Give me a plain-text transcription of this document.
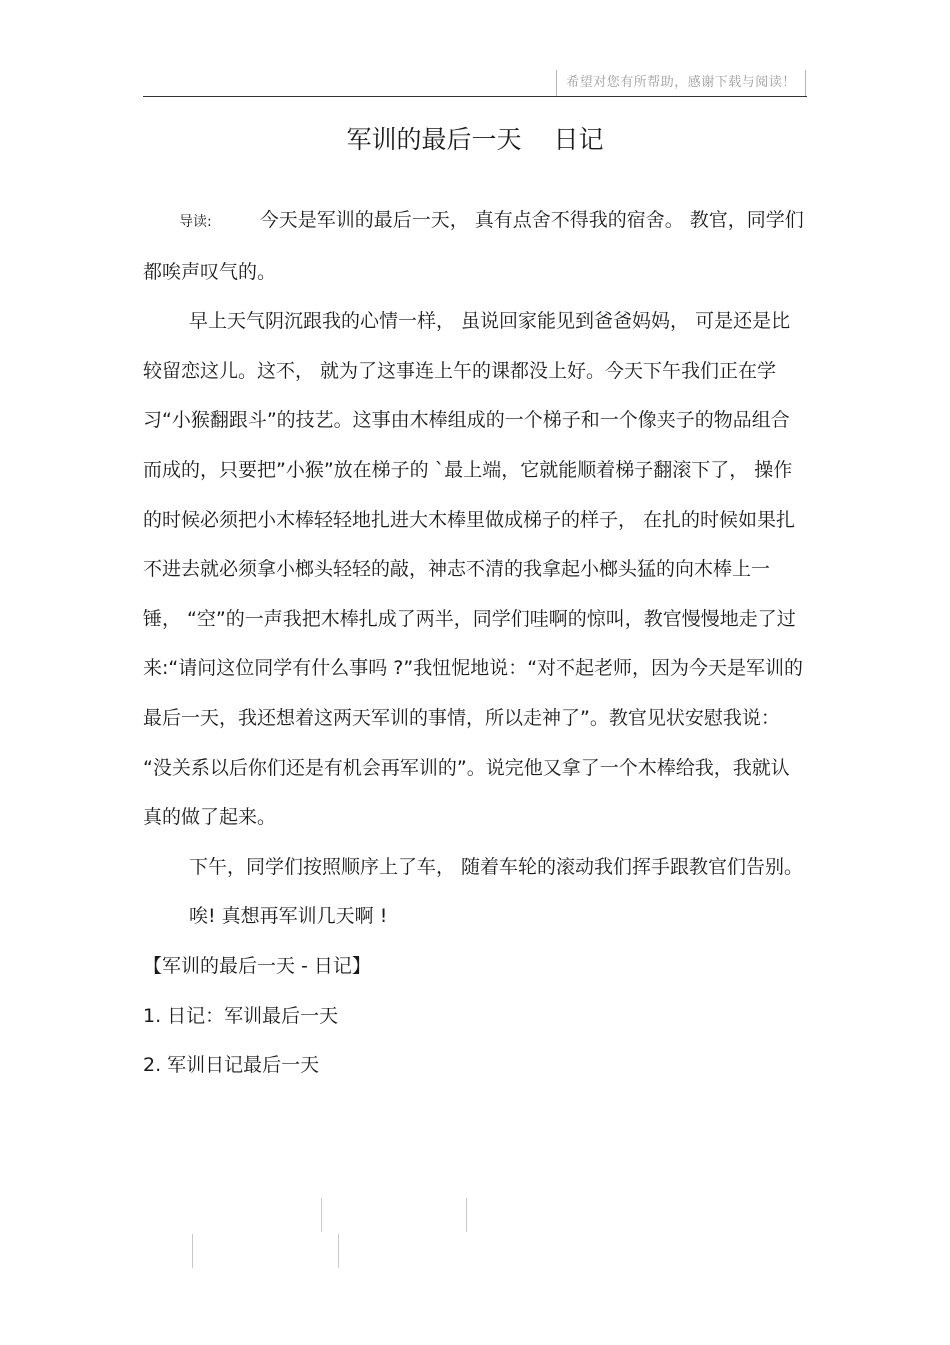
希望对您有所帮助，感谢下载与阅读！
军训的最后一天 日记

导读:	今天是军训的最后一天， 真有点舍不得我的宿舍。 教官，同学们都唉声叹气的。

早上天气阴沉跟我的心情一样， 虽说回家能见到爸爸妈妈， 可是还是比较留恋这儿。这不， 就为了这事连上午的课都没上好。今天下午我们正在学习“小猴翻跟斗”的技艺。这事由木棒组成的一个梯子和一个像夹子的物品组合而成的，只要把”小猴”放在梯子的 `最上端，它就能顺着梯子翻滚下了， 操作的时候必须把小木棒轻轻地扎进大木棒里做成梯子的样子， 在扎的时候如果扎不进去就必须拿小榔头轻轻的敲，神志不清的我拿起小榔头猛的向木棒上一锤， “空”的一声我把木棒扎成了两半，同学们哇啊的惊叫，教官慢慢地走了过来:“请问这位同学有什么事吗 ?”我忸怩地说：“对不起老师，因为今天是军训的最后一天，我还想着这两天军训的事情，所以走神了”。教官见状安慰我说： “没关系以后你们还是有机会再军训的”。说完他又拿了一个木棒给我，我就认真的做了起来。

下午，同学们按照顺序上了车， 随着车轮的滚动我们挥手跟教官们告别。

唉! 真想再军训几天啊 !

【军训的最后一天 - 日记】

1. 日记：军训最后一天

2. 军训日记最后一天
